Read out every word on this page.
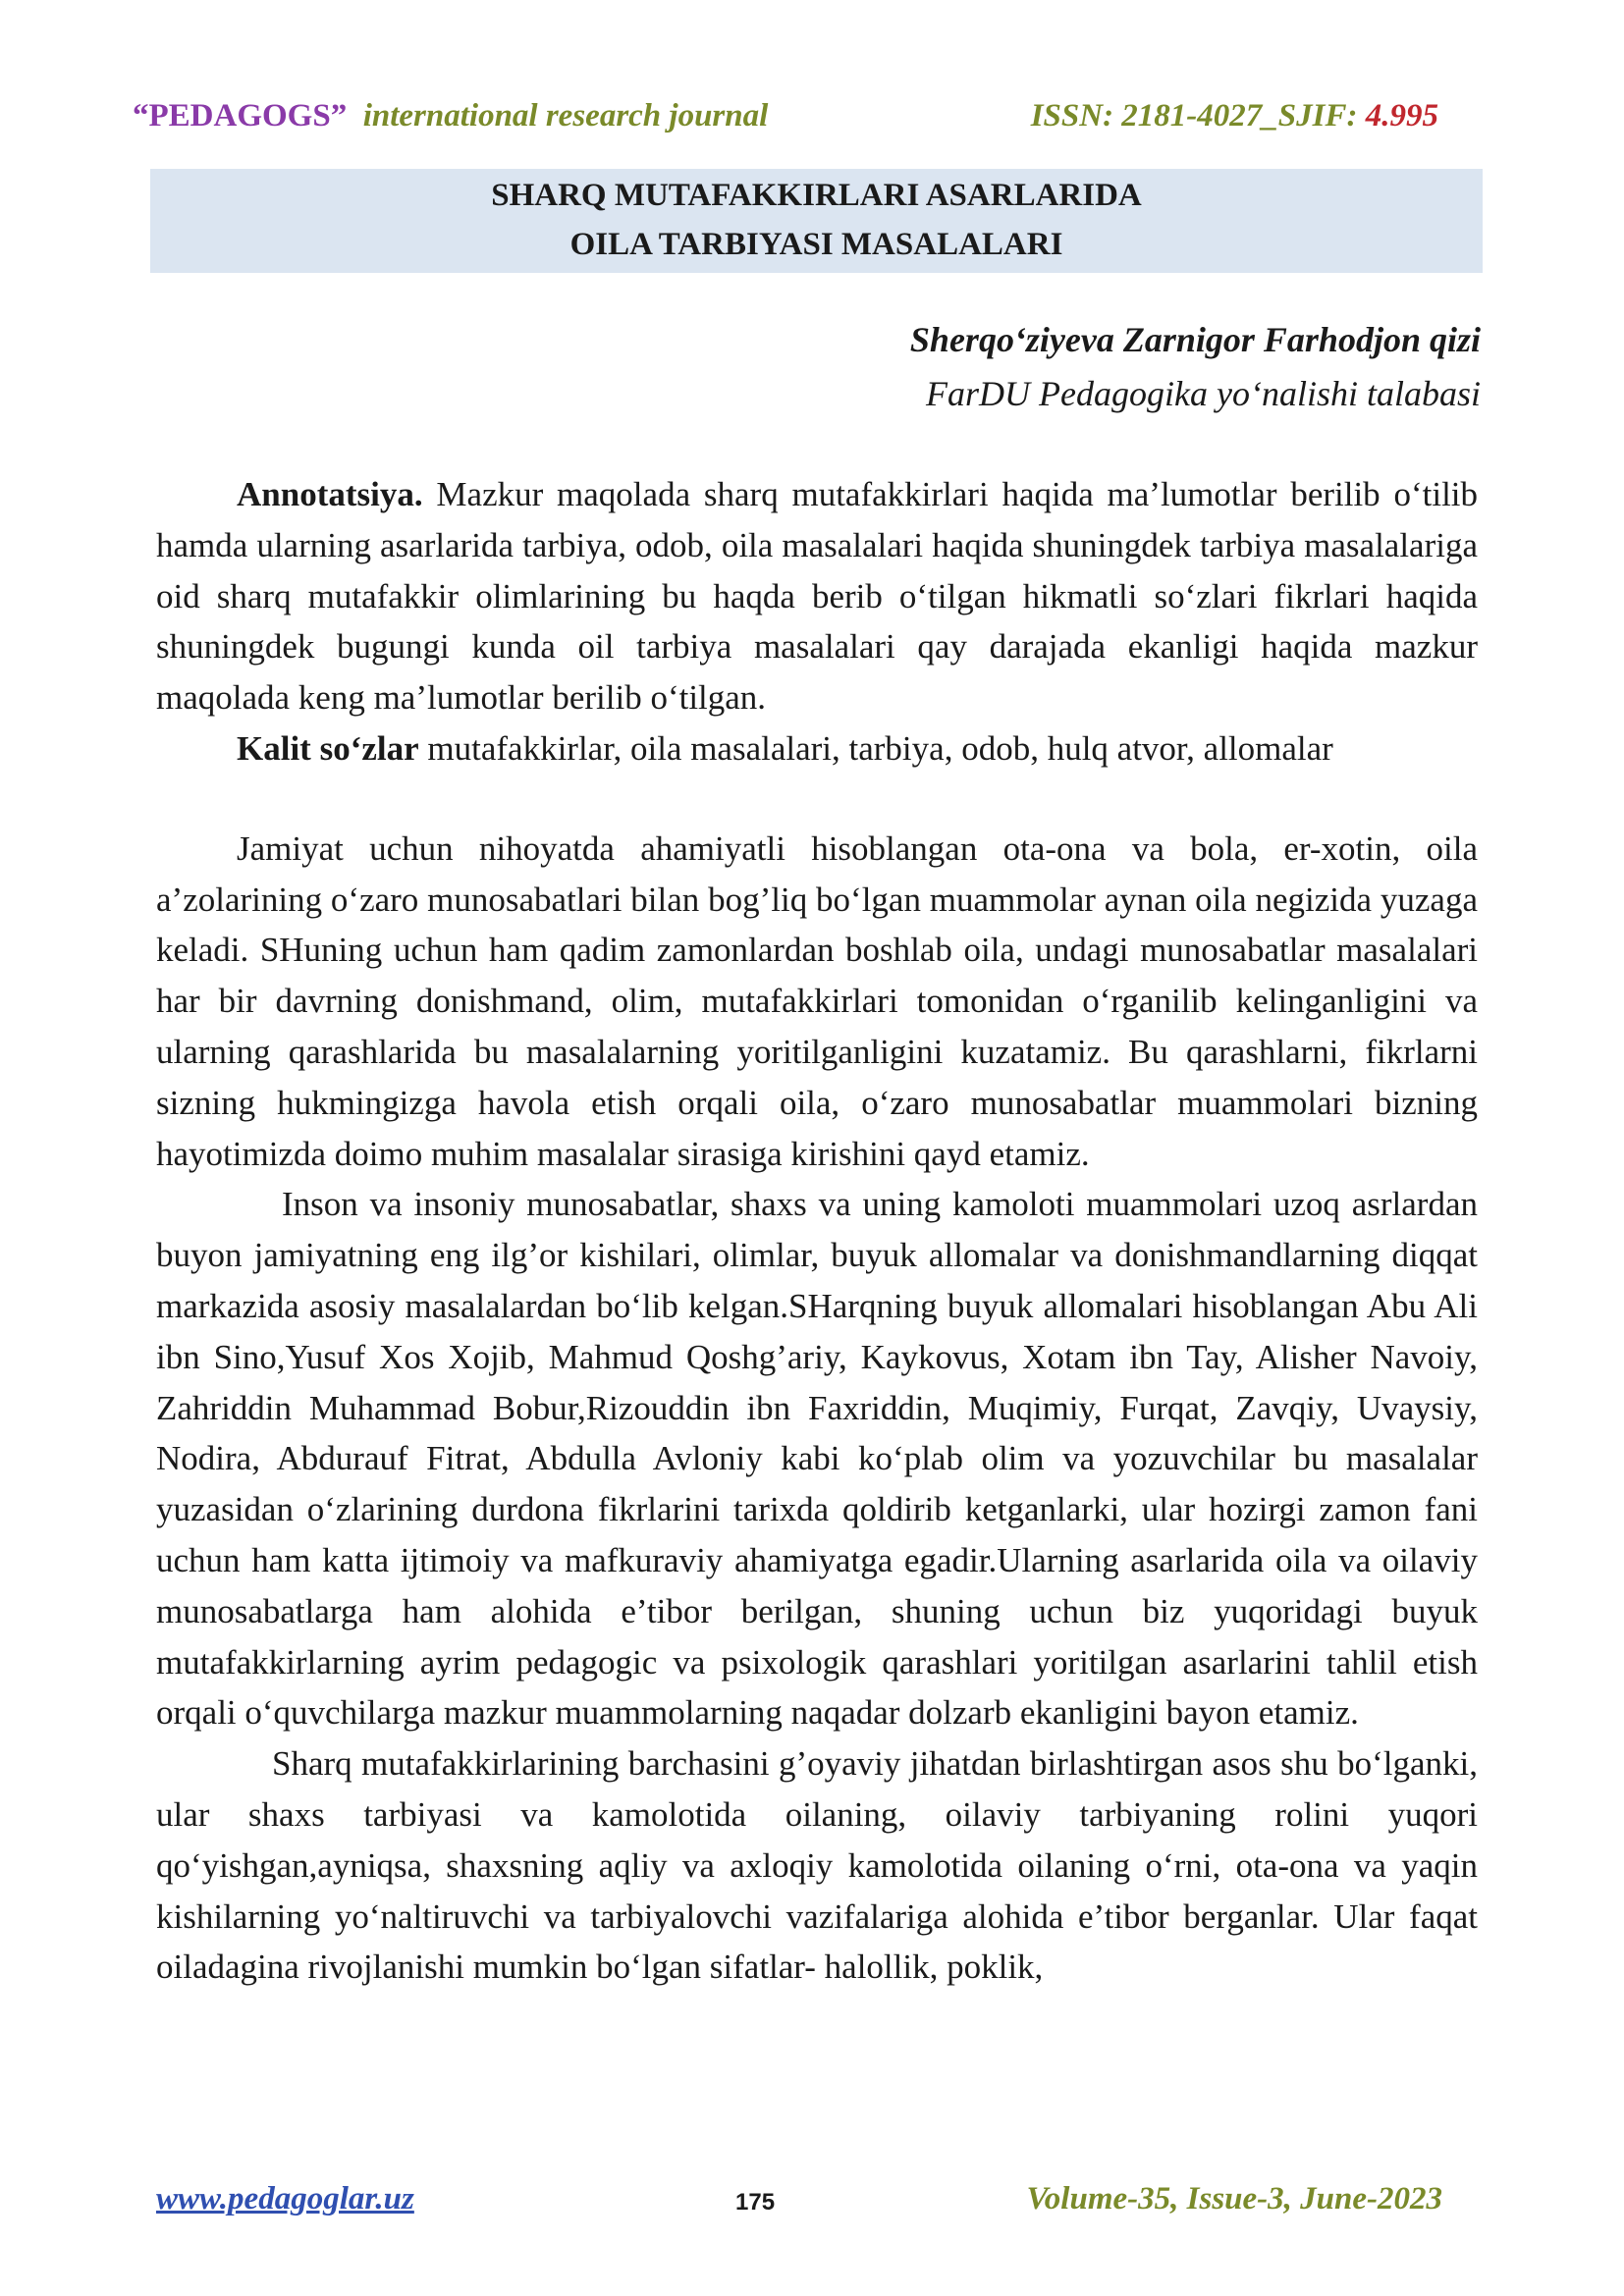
“PEDAGOGS” international research journal	ISSN: 2181-4027_SJIF: 4.995
SHARQ MUTAFAKKIRLARI ASARLARIDA
OILA TARBIYASI MASALALARI
Sherqo‘ziyeva Zarnigor Farhodjon qizi
FarDU Pedagogika yo‘nalishi talabasi

Annotatsiya. Mazkur maqolada sharq mutafakkirlari haqida ma’lumotlar berilib o‘tilib hamda ularning asarlarida tarbiya, odob, oila masalalari haqida shuningdek tarbiya masalalariga oid sharq mutafakkir olimlarining bu haqda berib o‘tilgan hikmatli so‘zlari fikrlari haqida shuningdek bugungi kunda oil tarbiya masalalari qay darajada ekanligi haqida mazkur maqolada keng ma’lumotlar berilib o‘tilgan.

Kalit so‘zlar mutafakkirlar, oila masalalari, tarbiya, odob, hulq atvor, allomalar

Jamiyat uchun nihoyatda ahamiyatli hisoblangan ota-ona va bola, er-xotin, oila a’zolarining o‘zaro munosabatlari bilan bog’liq bo‘lgan muammolar aynan oila negizida yuzaga keladi. SHuning uchun ham qadim zamonlardan boshlab oila, undagi munosabatlar masalalari har bir davrning donishmand, olim, mutafakkirlari tomonidan o‘rganilib kelinganligini va ularning qarashlarida bu masalalarning yoritilganligini kuzatamiz. Bu qarashlarni, fikrlarni sizning hukmingizga havola etish orqali oila, o‘zaro munosabatlar muammolari bizning hayotimizda doimo muhim masalalar sirasiga kirishini qayd etamiz.

Inson va insoniy munosabatlar, shaxs va uning kamoloti muammolari uzoq asrlardan buyon jamiyatning eng ilg’or kishilari, olimlar, buyuk allomalar va donishmandlarning diqqat markazida asosiy masalalardan bo‘lib kelgan.SHarqning buyuk allomalari hisoblangan Abu Ali ibn Sino,Yusuf Xos Xojib, Mahmud Qoshg’ariy, Kaykovus, Xotam ibn Tay, Alisher Navoiy, Zahriddin Muhammad Bobur,Rizouddin ibn Faxriddin, Muqimiy, Furqat, Zavqiy, Uvaysiy, Nodira, Abdurauf Fitrat, Abdulla Avloniy kabi ko‘plab olim va yozuvchilar bu masalalar yuzasidan o‘zlarining durdona fikrlarini tarixda qoldirib ketganlarki, ular hozirgi zamon fani uchun ham katta ijtimoiy va mafkuraviy ahamiyatga egadir.Ularning asarlarida oila va oilaviy munosabatlarga ham alohida e’tibor berilgan, shuning uchun biz yuqoridagi buyuk mutafakkirlarning ayrim pedagogic va psixologik qarashlari yoritilgan asarlarini tahlil etish orqali o‘quvchilarga mazkur muammolarning naqadar dolzarb ekanligini bayon etamiz.

Sharq mutafakkirlarining barchasini g’oyaviy jihatdan birlashtirgan asos shu bo‘lganki, ular shaxs tarbiyasi va kamolotida oilaning, oilaviy tarbiyaning rolini yuqori qo‘yishgan,ayniqsa, shaxsning aqliy va axloqiy kamolotida oilaning o‘rni, ota-ona va yaqin kishilarning yo‘naltiruvchi va tarbiyalovchi vazifalariga alohida e’tibor berganlar. Ular faqat oiladagina rivojlanishi mumkin bo‘lgan sifatlar- halollik, poklik,

www.pedagoglar.uz	175	Volume-35, Issue-3, June-2023
